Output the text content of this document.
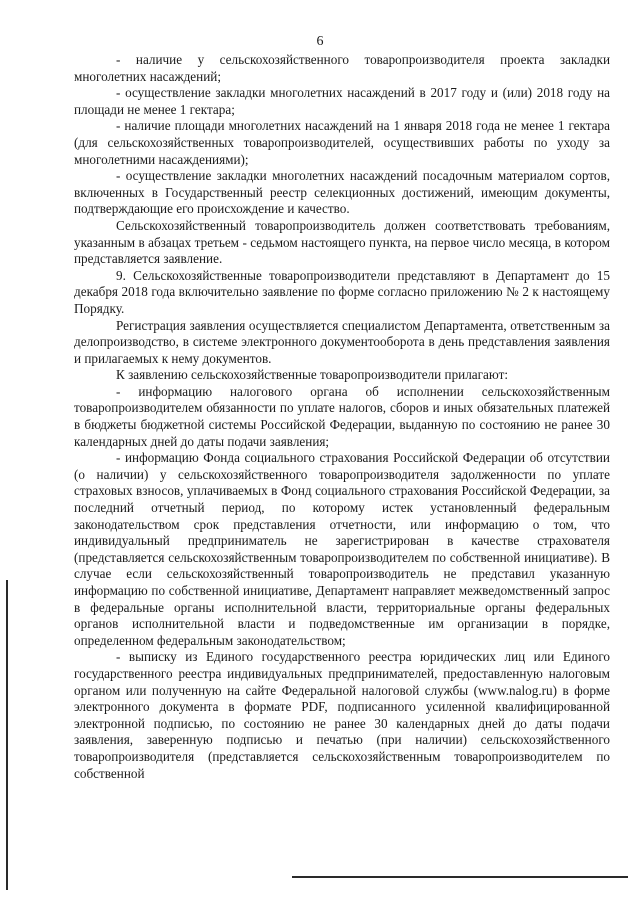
6

- наличие у сельскохозяйственного товаропроизводителя проекта закладки многолетних насаждений;

- осуществление закладки многолетних насаждений в 2017 году и (или) 2018 году на площади не менее 1 гектара;

- наличие площади многолетних насаждений на 1 января 2018 года не менее 1 гектара (для сельскохозяйственных товаропроизводителей, осуществивших работы по уходу за многолетними насаждениями);

- осуществление закладки многолетних насаждений посадочным материалом сортов, включенных в Государственный реестр селекционных достижений, имеющим документы, подтверждающие его происхождение и качество.

Сельскохозяйственный товаропроизводитель должен соответствовать требованиям, указанным в абзацах третьем - седьмом настоящего пункта, на первое число месяца, в котором представляется заявление.

9. Сельскохозяйственные товаропроизводители представляют в Департамент до 15 декабря 2018 года включительно заявление по форме согласно приложению № 2 к настоящему Порядку.

Регистрация заявления осуществляется специалистом Департамента, ответственным за делопроизводство, в системе электронного документооборота в день представления заявления и прилагаемых к нему документов.

К заявлению сельскохозяйственные товаропроизводители прилагают:

- информацию налогового органа об исполнении сельскохозяйственным товаропроизводителем обязанности по уплате налогов, сборов и иных обязательных платежей в бюджеты бюджетной системы Российской Федерации, выданную по состоянию не ранее 30 календарных дней до даты подачи заявления;

- информацию Фонда социального страхования Российской Федерации об отсутствии (о наличии) у сельскохозяйственного товаропроизводителя задолженности по уплате страховых взносов, уплачиваемых в Фонд социального страхования Российской Федерации, за последний отчетный период, по которому истек установленный федеральным законодательством срок представления отчетности, или информацию о том, что индивидуальный предприниматель не зарегистрирован в качестве страхователя (представляется сельскохозяйственным товаропроизводителем по собственной инициативе). В случае если сельскохозяйственный товаропроизводитель не представил указанную информацию по собственной инициативе, Департамент направляет межведомственный запрос в федеральные органы исполнительной власти, территориальные органы федеральных органов исполнительной власти и подведомственные им организации в порядке, определенном федеральным законодательством;

- выписку из Единого государственного реестра юридических лиц или Единого государственного реестра индивидуальных предпринимателей, предоставленную налоговым органом или полученную на сайте Федеральной налоговой службы (www.nalog.ru) в форме электронного документа в формате PDF, подписанного усиленной квалифицированной электронной подписью, по состоянию не ранее 30 календарных дней до даты подачи заявления, заверенную подписью и печатью (при наличии) сельскохозяйственного товаропроизводителя (представляется сельскохозяйственным товаропроизводителем по собственной
